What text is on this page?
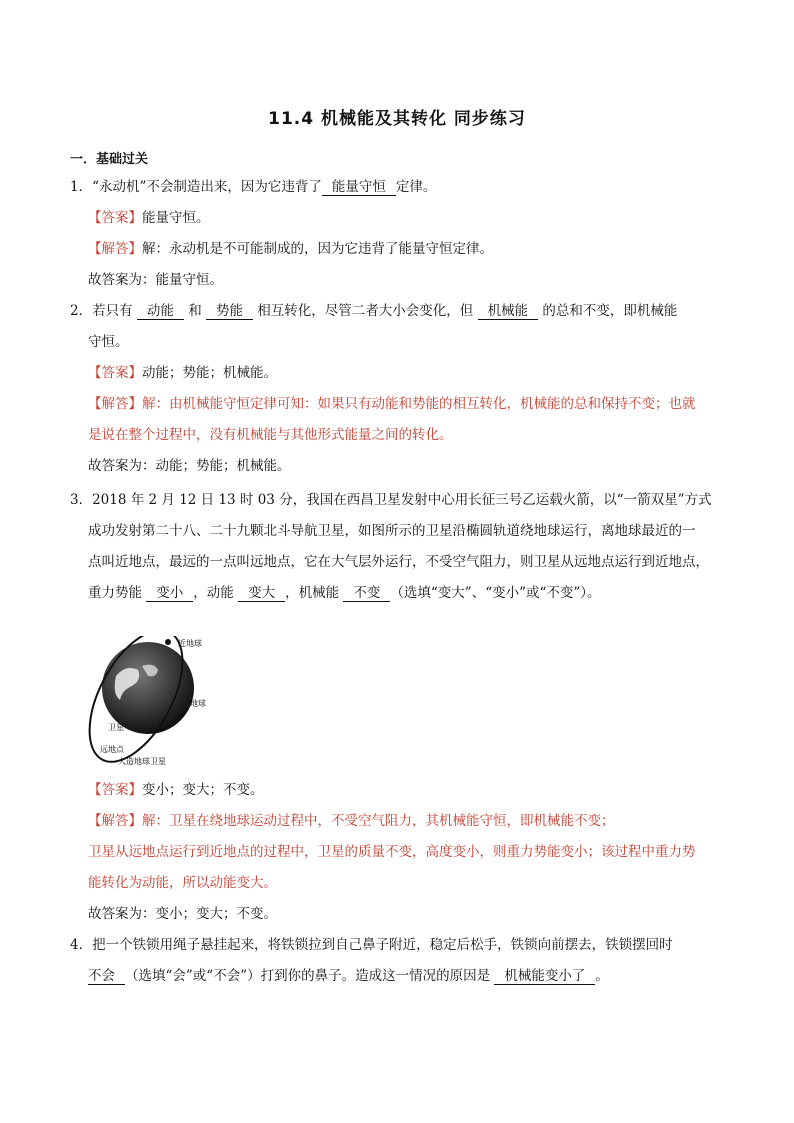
11.4 机械能及其转化 同步练习
一．基础过关
1．“永动机”不会制造出来，因为它违背了 能量守恒 定律。
【答案】能量守恒。
【解答】解：永动机是不可能制成的，因为它违背了能量守恒定律。
故答案为：能量守恒。
2．若只有 动能 和 势能 相互转化，尽管二者大小会变化，但 机械能 的总和不变，即机械能
守恒。
【答案】动能；势能；机械能。
【解答】解：由机械能守恒定律可知：如果只有动能和势能的相互转化，机械能的总和保持不变；也就
是说在整个过程中，没有机械能与其他形式能量之间的转化。
故答案为：动能；势能；机械能。
3．2018 年 2 月 12 日 13 时 03 分，我国在西昌卫星发射中心用长征三号乙运载火箭，以“一箭双星”方式
成功发射第二十八、二十九颗北斗导航卫星，如图所示的卫星沿椭圆轨道绕地球运行，离地球最近的一
点叫近地点，最远的一点叫远地点，它在大气层外运行，不受空气阻力，则卫星从远地点运行到近地点，
重力势能 变小 ，动能 变大 ，机械能 不变 （选填“变大”、“变小”或“不变”）。
近地球
地球
卫星
远地点
人造地球卫星
【答案】变小；变大；不变。
【解答】解：卫星在绕地球运动过程中，不受空气阻力，其机械能守恒，即机械能不变；
卫星从远地点运行到近地点的过程中，卫星的质量不变，高度变小，则重力势能变小；该过程中重力势
能转化为动能，所以动能变大。
故答案为：变小；变大；不变。
4．把一个铁锁用绳子悬挂起来，将铁锁拉到自己鼻子附近，稳定后松手，铁锁向前摆去，铁锁摆回时
不会 （选填“会”或“不会”）打到你的鼻子。造成这一情况的原因是 机械能变小了 。
